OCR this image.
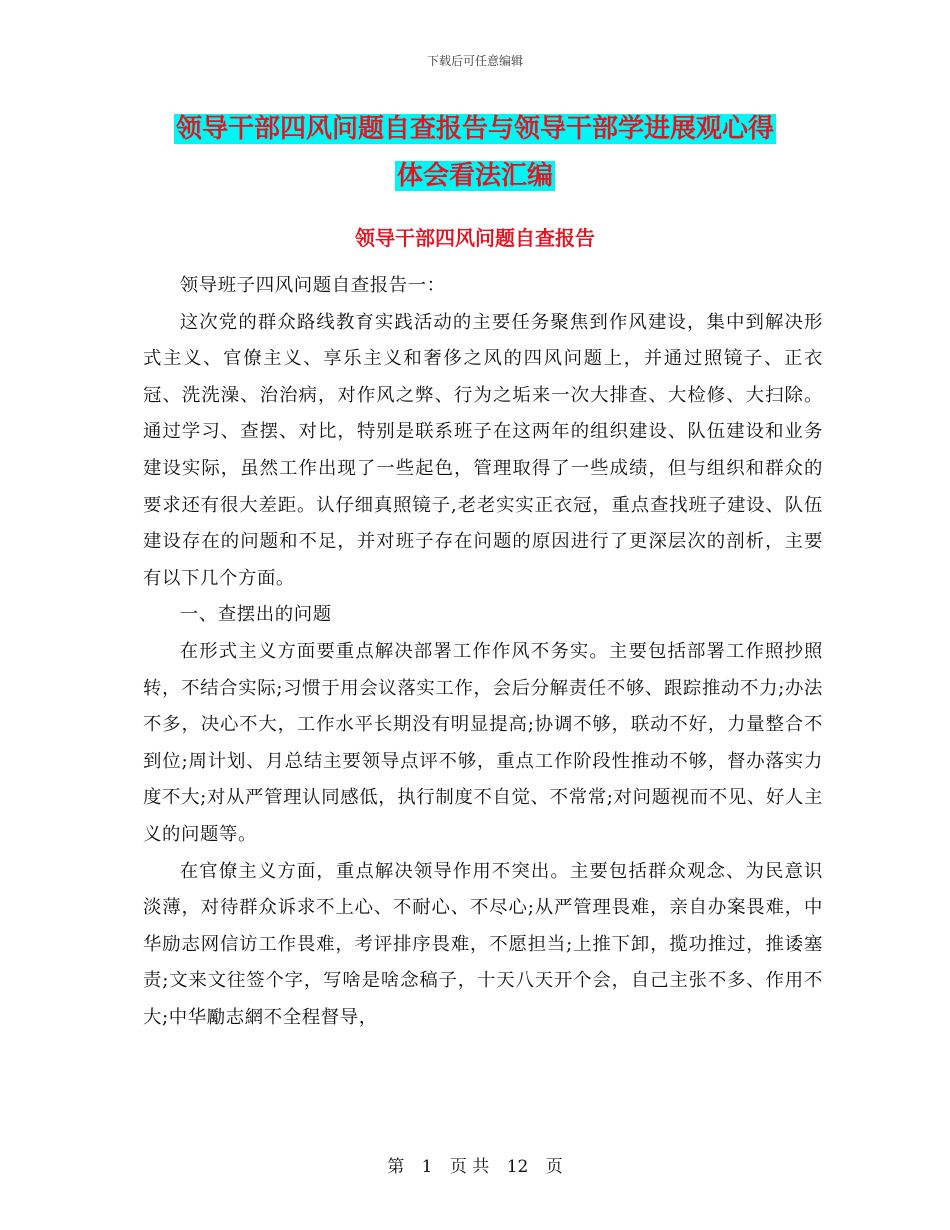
下载后可任意编辑
领导干部四风问题自查报告与领导干部学进展观心得
体会看法汇编
领导干部四风问题自查报告

领导班子四风问题自查报告一：

这次党的群众路线教育实践活动的主要任务聚焦到作风建设，集中到解决形式主义、官僚主义、享乐主义和奢侈之风的四风问题上，并通过照镜子、正衣冠、洗洗澡、治治病，对作风之弊、行为之垢来一次大排查、大检修、大扫除。通过学习、查摆、对比，特别是联系班子在这两年的组织建设、队伍建设和业务建设实际，虽然工作出现了一些起色，管理取得了一些成绩，但与组织和群众的要求还有很大差距。认仔细真照镜子,老老实实正衣冠，重点查找班子建设、队伍建设存在的问题和不足，并对班子存在问题的原因进行了更深层次的剖析，主要有以下几个方面。

一、查摆出的问题

在形式主义方面要重点解决部署工作作风不务实。主要包括部署工作照抄照转，不结合实际;习惯于用会议落实工作，会后分解责任不够、跟踪推动不力;办法不多，决心不大，工作水平长期没有明显提高;协调不够，联动不好，力量整合不到位;周计划、月总结主要领导点评不够，重点工作阶段性推动不够，督办落实力度不大;对从严管理认同感低，执行制度不自觉、不常常;对问题视而不见、好人主义的问题等。

在官僚主义方面，重点解决领导作用不突出。主要包括群众观念、为民意识淡薄，对待群众诉求不上心、不耐心、不尽心;从严管理畏难，亲自办案畏难，中华励志网信访工作畏难，考评排序畏难，不愿担当;上推下卸，揽功推过，推诿塞责;文来文往签个字，写啥是啥念稿子，十天八天开个会，自己主张不多、作用不大;中华勵志網不全程督导，

第 1 页 共 12 页
